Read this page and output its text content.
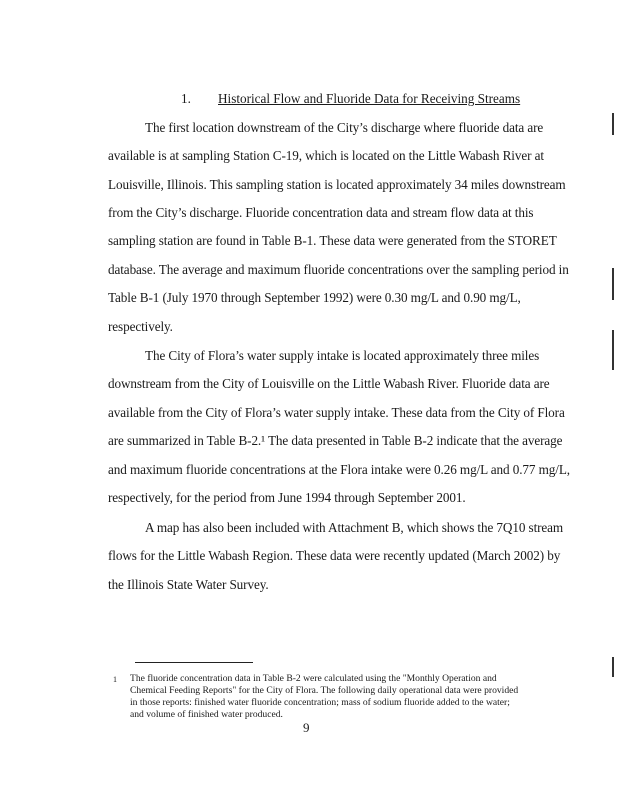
1. Historical Flow and Fluoride Data for Receiving Streams
The first location downstream of the City’s discharge where fluoride data are
available is at sampling Station C-19, which is located on the Little Wabash River at
Louisville, Illinois. This sampling station is located approximately 34 miles downstream
from the City’s discharge. Fluoride concentration data and stream flow data at this
sampling station are found in Table B-1. These data were generated from the STORET
database. The average and maximum fluoride concentrations over the sampling period in
Table B-1 (July 1970 through September 1992) were 0.30 mg/L and 0.90 mg/L,
respectively.
The City of Flora’s water supply intake is located approximately three miles
downstream from the City of Louisville on the Little Wabash River. Fluoride data are
available from the City of Flora’s water supply intake. These data from the City of Flora
are summarized in Table B-2.¹ The data presented in Table B-2 indicate that the average
and maximum fluoride concentrations at the Flora intake were 0.26 mg/L and 0.77 mg/L,
respectively, for the period from June 1994 through September 2001.
A map has also been included with Attachment B, which shows the 7Q10 stream
flows for the Little Wabash Region. These data were recently updated (March 2002) by
the Illinois State Water Survey.
1 The fluoride concentration data in Table B-2 were calculated using the "Monthly Operation and
Chemical Feeding Reports" for the City of Flora. The following daily operational data were provided
in those reports: finished water fluoride concentration; mass of sodium fluoride added to the water;
and volume of finished water produced.
9
